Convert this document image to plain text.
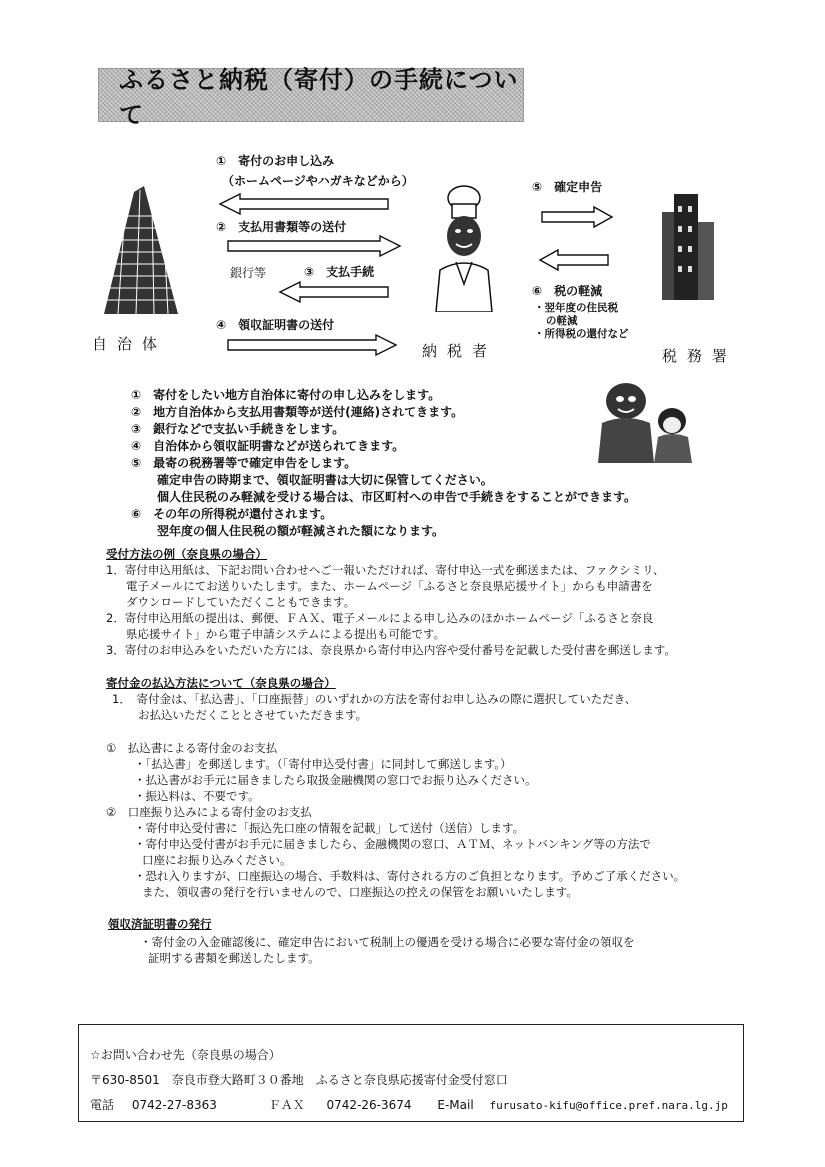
ふるさと納税（寄付）の手続について
自治体
①　寄付のお申し込み
（ホームページやハガキなどから）
②　支払用書類等の送付
銀行等	③　支払手続
④　領収証明書の送付
⑤　確定申告
⑥　税の軽減
・翌年度の住民税
の軽減
・所得税の還付など
納税者	税務署
①　寄付をしたい地方自治体に寄付の申し込みをします。
②　地方自治体から支払用書類等が送付(連絡)されてきます。
③　銀行などで支払い手続きをします。
④　自治体から領収証明書などが送られてきます。
⑤　最寄の税務署等で確定申告をします。
確定申告の時期まで、領収証明書は大切に保管してください。
個人住民税のみ軽減を受ける場合は、市区町村への申告で手続きをすることができます。
⑥　その年の所得税が還付されます。
翌年度の個人住民税の額が軽減された額になります。
受付方法の例（奈良県の場合）
1．寄付申込用紙は、下記お問い合わせへご一報いただければ、寄付申込一式を郵送または、ファクシミリ、
電子メールにてお送りいたします。また、ホームページ「ふるさと奈良県応援サイト」からも申請書を
ダウンロードしていただくこともできます。
2．寄付申込用紙の提出は、郵便、ＦＡＸ、電子メールによる申し込みのほかホームページ「ふるさと奈良
県応援サイト」から電子申請システムによる提出も可能です。
3．寄付のお申込みをいただいた方には、奈良県から寄付申込内容や受付番号を記載した受付書を郵送します。
寄付金の払込方法について（奈良県の場合）
1．　寄付金は、「払込書」、「口座振替」のいずれかの方法を寄付お申し込みの際に選択していただき、
お払込いただくこととさせていただきます。
①　払込書による寄付金のお支払
・「払込書」を郵送します。（「寄付申込受付書」に同封して郵送します。）
・払込書がお手元に届きましたら取扱金融機関の窓口でお振り込みください。
・振込料は、不要です。
②　口座振り込みによる寄付金のお支払
・寄付申込受付書に「振込先口座の情報を記載」して送付（送信）します。
・寄付申込受付書がお手元に届きましたら、金融機関の窓口、ＡＴＭ、ネットバンキング等の方法で
口座にお振り込みください。
・恐れ入りますが、口座振込の場合、手数料は、寄付される方のご負担となります。予めご了承ください。
また、領収書の発行を行いませんので、口座振込の控えの保管をお願いいたします。
領収済証明書の発行
・寄付金の入金確認後に、確定申告において税制上の優遇を受ける場合に必要な寄付金の領収を
証明する書類を郵送したします。
☆お問い合わせ先（奈良県の場合）
〒630-8501　奈良市登大路町３０番地　ふるさと奈良県応援寄付金受付窓口
電話 0742-27-8363	ＦＡＸ 0742-26-3674 E-Mail furusato-kifu@office.pref.nara.lg.jp
